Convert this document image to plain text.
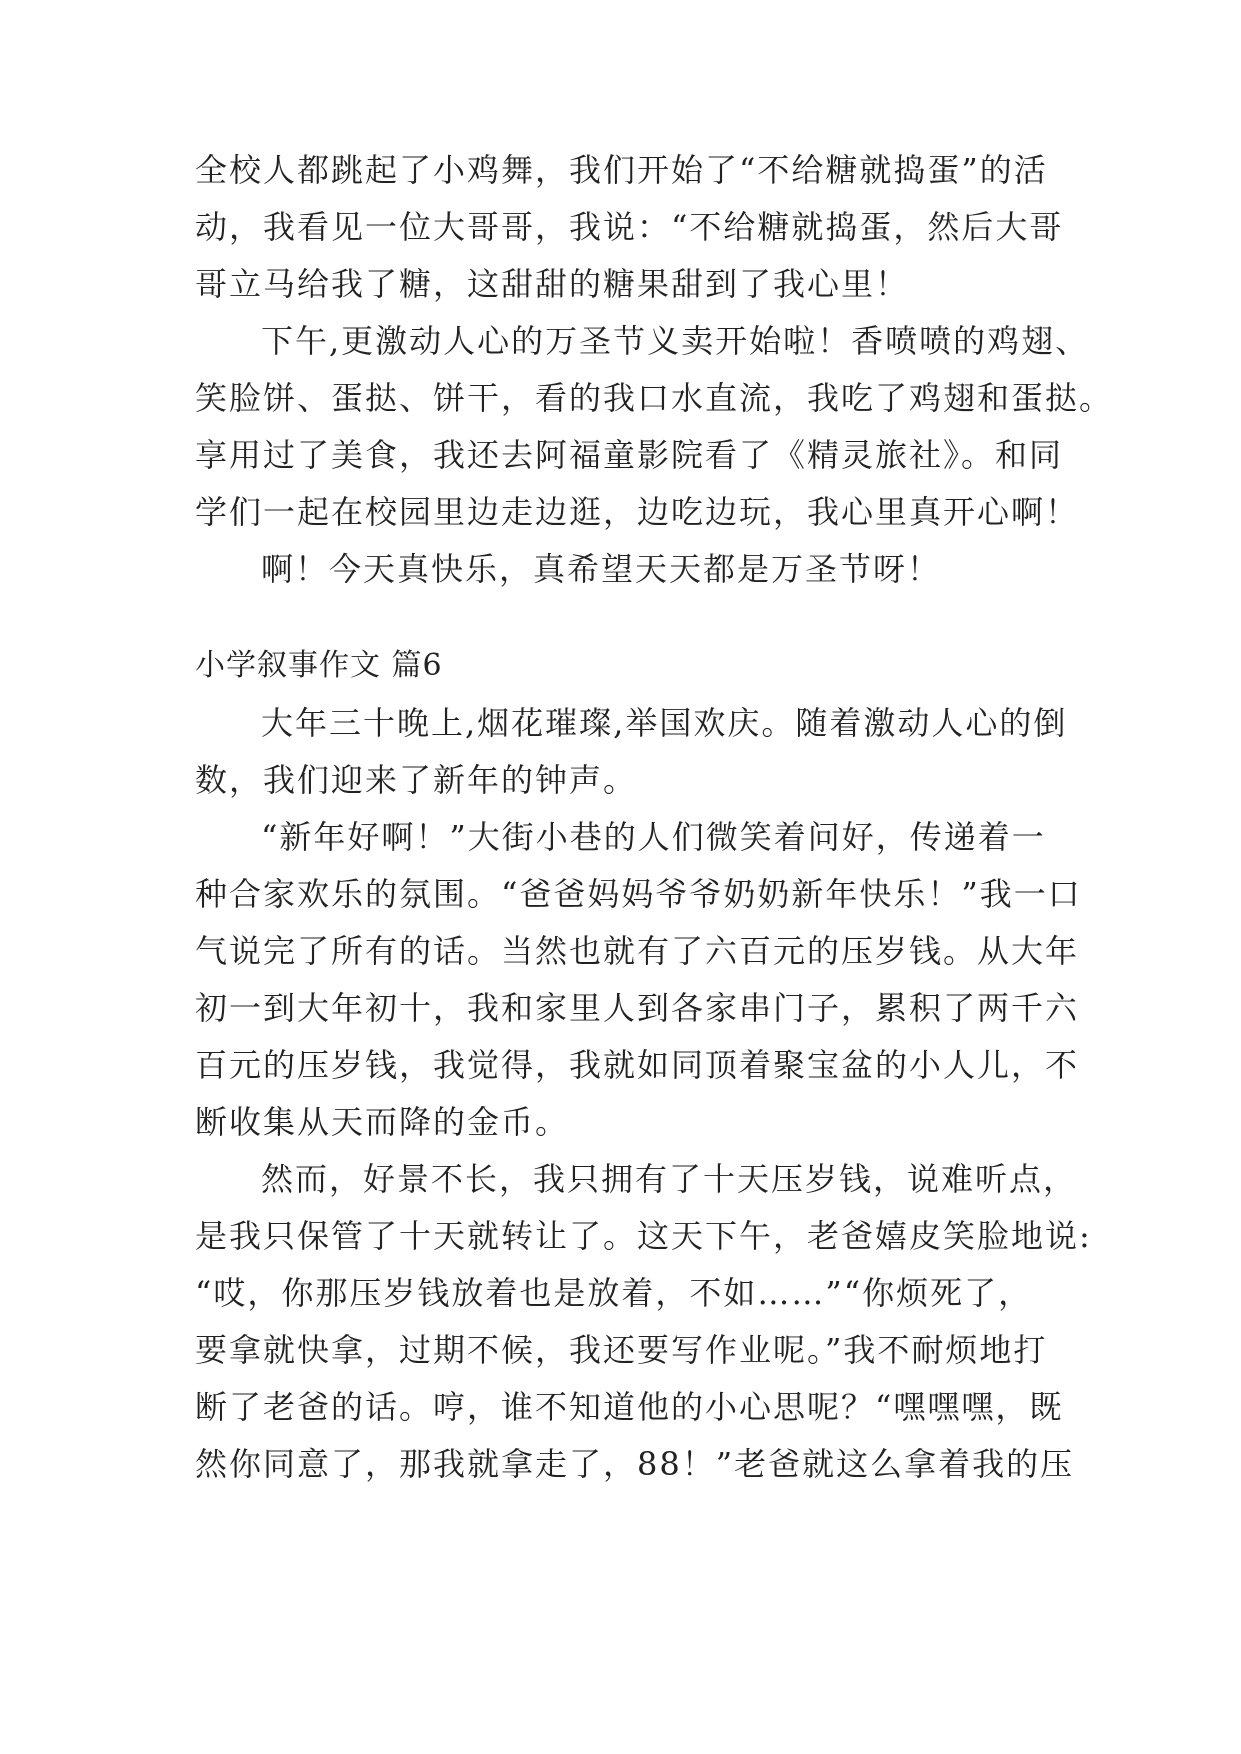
全校人都跳起了小鸡舞，我们开始了“不给糖就捣蛋”的活
动，我看见一位大哥哥，我说：“不给糖就捣蛋，然后大哥
哥立马给我了糖，这甜甜的糖果甜到了我心里！
下午,更激动人心的万圣节义卖开始啦！香喷喷的鸡翅、
笑脸饼、蛋挞、饼干，看的我口水直流，我吃了鸡翅和蛋挞。
享用过了美食，我还去阿福童影院看了《精灵旅社》。和同
学们一起在校园里边走边逛，边吃边玩，我心里真开心啊！
啊！今天真快乐，真希望天天都是万圣节呀！
小学叙事作文 篇6
大年三十晚上,烟花璀璨,举国欢庆。随着激动人心的倒
数，我们迎来了新年的钟声。
“新年好啊！”大街小巷的人们微笑着问好，传递着一
种合家欢乐的氛围。“爸爸妈妈爷爷奶奶新年快乐！”我一口
气说完了所有的话。当然也就有了六百元的压岁钱。从大年
初一到大年初十，我和家里人到各家串门子，累积了两千六
百元的压岁钱，我觉得，我就如同顶着聚宝盆的小人儿，不
断收集从天而降的金币。
然而，好景不长，我只拥有了十天压岁钱，说难听点，
是我只保管了十天就转让了。这天下午，老爸嬉皮笑脸地说:
“哎，你那压岁钱放着也是放着，不如……”“你烦死了，
要拿就快拿，过期不候，我还要写作业呢。”我不耐烦地打
断了老爸的话。哼，谁不知道他的小心思呢？“嘿嘿嘿，既
然你同意了，那我就拿走了，88！”老爸就这么拿着我的压
